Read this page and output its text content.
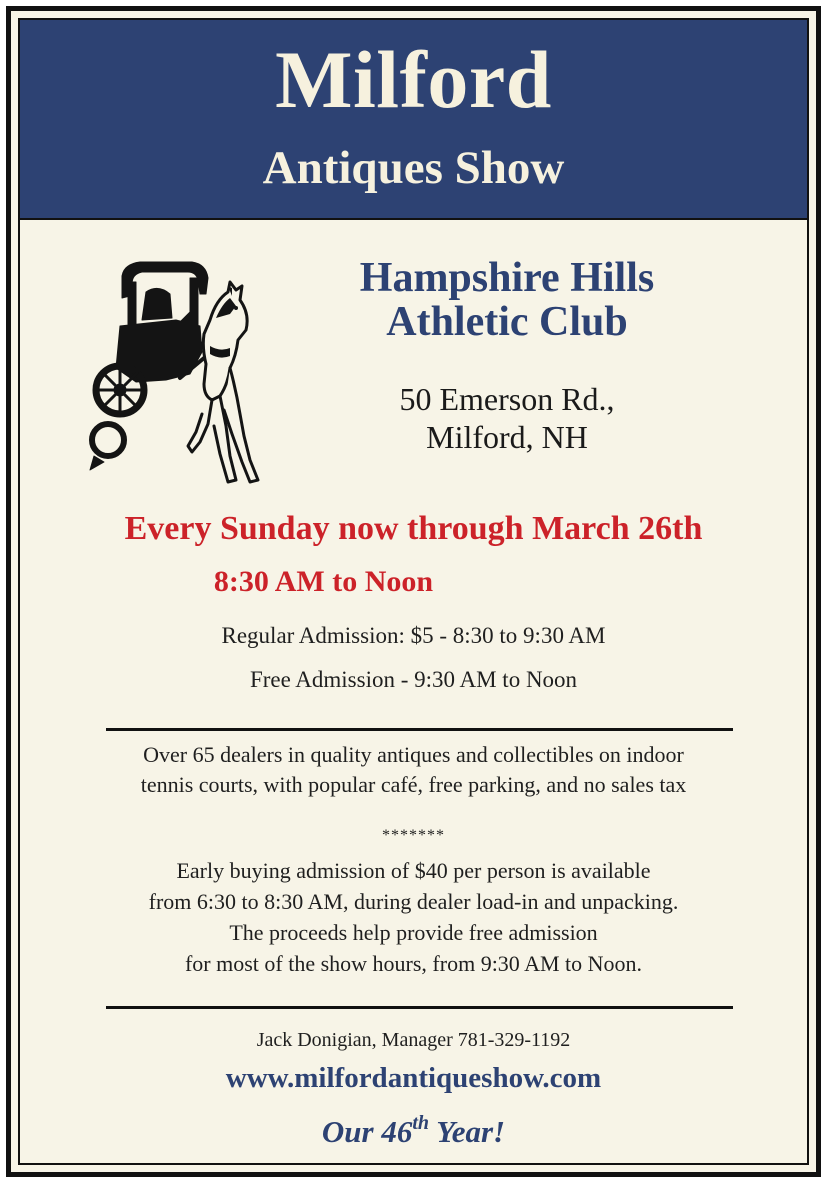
Milford
Antiques Show
Hampshire Hills
Athletic Club
50 Emerson Rd.,
Milford, NH
Every Sunday now through March 26th
8:30 AM to Noon
Regular Admission: $5 - 8:30 to 9:30 AM
Free Admission - 9:30 AM to Noon
Over 65 dealers in quality antiques and collectibles on indoor
tennis courts, with popular café, free parking, and no sales tax
*******
Early buying admission of $40 per person is available
from 6:30 to 8:30 AM, during dealer load-in and unpacking.
The proceeds help provide free admission
for most of the show hours, from 9:30 AM to Noon.
Jack Donigian, Manager 781-329-1192
www.milfordantiqueshow.com
Our 46th Year!
